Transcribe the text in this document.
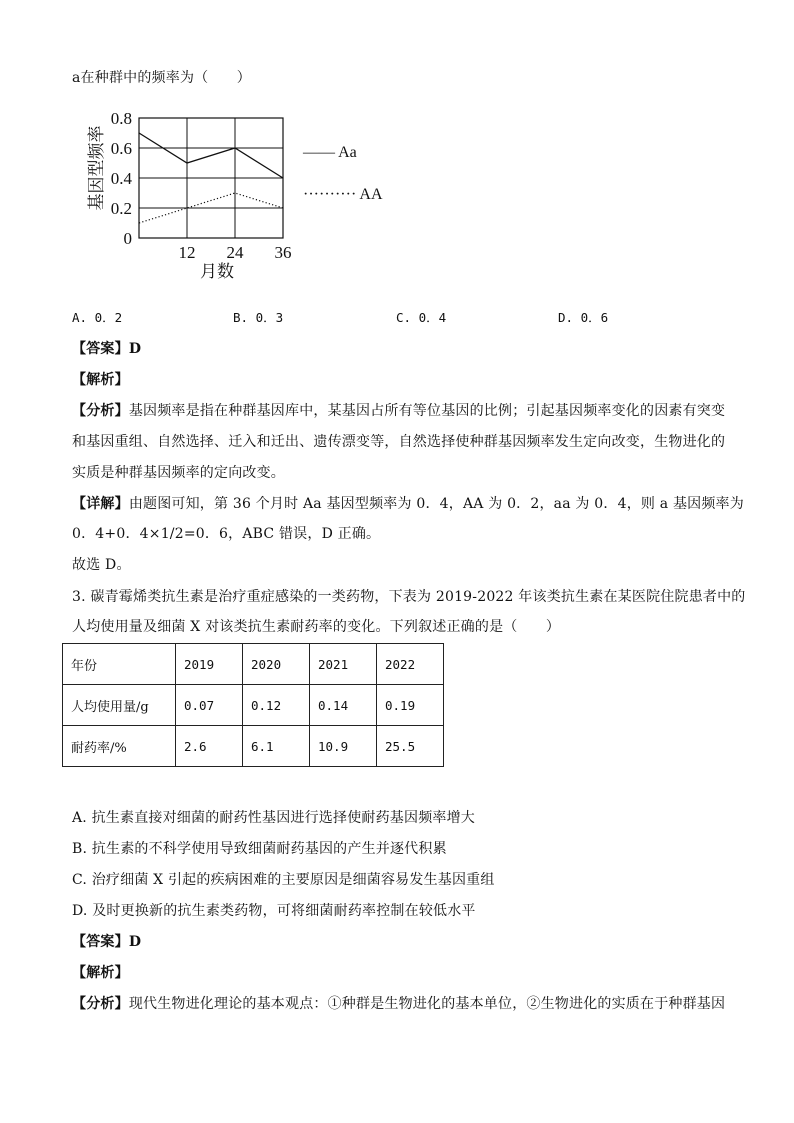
a在种群中的频率为（　　）
0.8
0.6
0.4
0.2
0
12 24 36
基因型频率
月数
—— Aa
·········· AA
A. 0．2	B. 0．3	C. 0．4	D. 0．6
【答案】D
【解析】
【分析】基因频率是指在种群基因库中，某基因占所有等位基因的比例；引起基因频率变化的因素有突变
和基因重组、自然选择、迁入和迁出、遗传漂变等，自然选择使种群基因频率发生定向改变，生物进化的
实质是种群基因频率的定向改变。
【详解】由题图可知，第 36 个月时 Aa 基因型频率为 0．4，AA 为 0．2，aa 为 0．4，则 a 基因频率为
0．4+0．4×1/2=0．6，ABC 错误，D 正确。
故选 D。
3. 碳青霉烯类抗生素是治疗重症感染的一类药物，下表为 2019-2022 年该类抗生素在某医院住院患者中的
人均使用量及细菌 X 对该类抗生素耐药率的变化。下列叙述正确的是（　　）
年份	2019	2020	2021	2022
人均使用量/g	0.07	0.12	0.14	0.19
耐药率/%	2.6	6.1	10.9	25.5
A. 抗生素直接对细菌的耐药性基因进行选择使耐药基因频率增大
B. 抗生素的不科学使用导致细菌耐药基因的产生并逐代积累
C. 治疗细菌 X 引起的疾病困难的主要原因是细菌容易发生基因重组
D. 及时更换新的抗生素类药物，可将细菌耐药率控制在较低水平
【答案】D
【解析】
【分析】现代生物进化理论的基本观点：①种群是生物进化的基本单位，②生物进化的实质在于种群基因
